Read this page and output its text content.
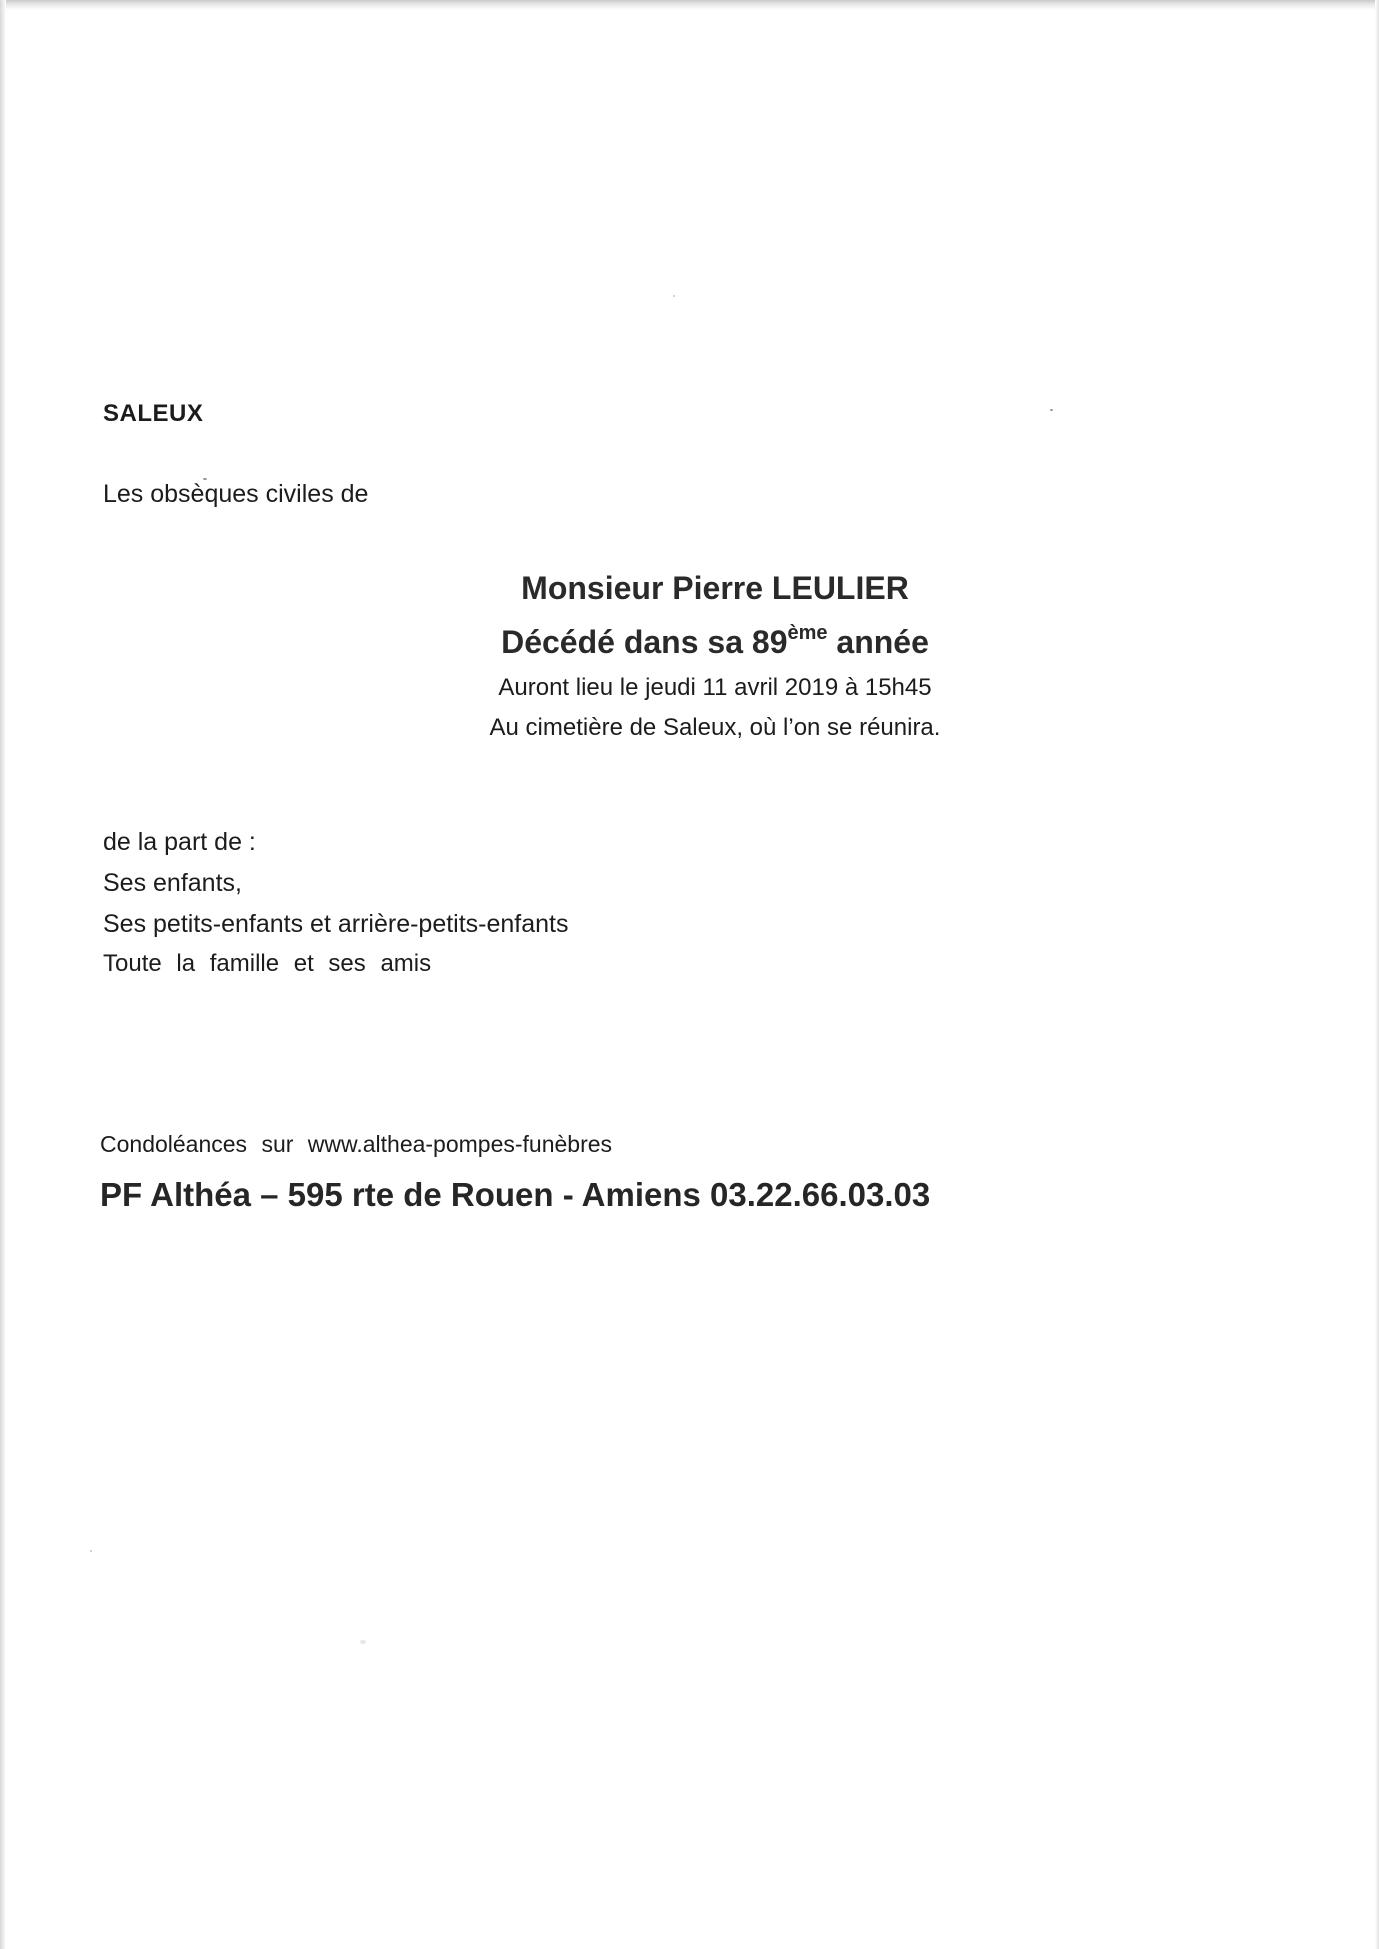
SALEUX
Les obsèques civiles de
Monsieur Pierre LEULIER
Décédé dans sa 89ème année
Auront lieu le jeudi 11 avril 2019 à 15h45
Au cimetière de Saleux, où l’on se réunira.
de la part de :
Ses enfants,
Ses petits-enfants et arrière-petits-enfants
Toute la famille et ses amis
Condoléances sur www.althea-pompes-funèbres
PF Althéa – 595 rte de Rouen - Amiens 03.22.66.03.03
